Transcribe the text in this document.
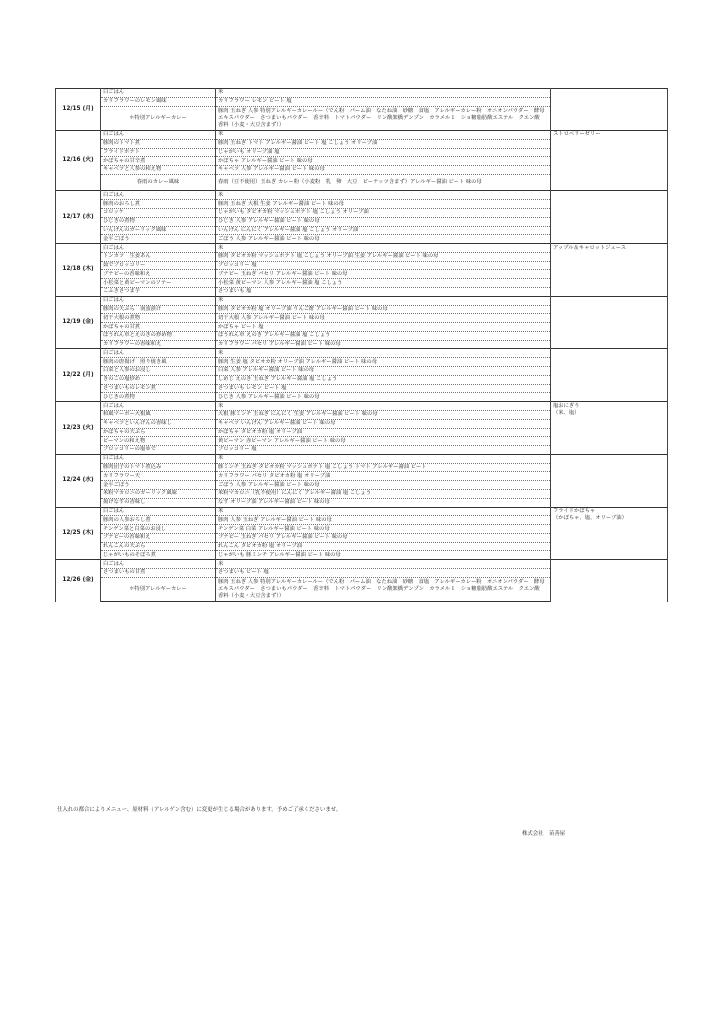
12/15 (月)	白ごはん	米	
	カリフラワーのレモン風味	カリフラワー レモン ビート 塩	
	＊特別アレルギーカレー	豚肉 玉ねぎ 人参 特別アレルギーカレールー（でん粉　パーム油　なたね油　砂糖　食塩　アレルギーカレー粉　オニオンパウダー　酵母エキスパウダー　さつまいもパウダー　香辛料　トマトパウダー　リン酸架橋デンプン　カラメル１　ショ糖脂肪酸エステル　クエン酸　香料（小麦・大豆含まず））	
12/16 (火)	白ごはん	米	ストロベリーゼリー
	豚肉のトマト煮	豚肉 玉ねぎ トマト アレルギー醤油 ビート 塩 こしょう オリーブ油	
	フライドポテト	じゃがいも オリーブ油 塩	
	かぼちゃの甘辛煮	かぼちゃ アレルギー醤油 ビート 味の母	
	キャベツと人参の和え物	キャベツ 人参 アレルギー醤油 ビート 味の母	
	春雨のカレー風味	春雨（豆不使用）玉ねぎ カレー粉（小麦粉　乳　卵　大豆　ピーナッツ含まず）アレルギー醤油 ビート 味の母	
12/17 (水)	白ごはん	米	
	豚肉のおろし煮	豚肉 玉ねぎ 大根 生姜 アレルギー醤油 ビート 味の母	
	コロッケ	じゃがいも タピオカ粉 マッシュポテト 塩 こしょう オリーブ油	
	ひじきの煮物	ひじき 人参 アレルギー醤油 ビート 味の母	
	いんげんのガーリック風味	いんげん にんにく アレルギー醤油 塩 こしょう オリーブ油	
	金平ごぼう	ごぼう 人参 アレルギー醤油 ビート 味の母	
12/18 (木)	白ごはん	米	アップル＆キャロットジュース
	トンカツ　生姜あん	豚肉 タピオカ粉 マッシュポテト 塩 こしょう オリーブ油 生姜 アレルギー醤油 ビート 味の母	
	茹でブロッコリー	ブロッコリー 塩	
	ブナピーの香味和え	ブナピー 玉ねぎ パセリ アレルギー醤油 ビート 味の母	
	小松菜と黄ピーマンのソテー	小松菜 黄ピーマン 人参 アレルギー醤油 塩 こしょう	
	こふきさつま芋	さつまいも 塩	
12/19 (金)	白ごはん	米	
	豚肉の天ぷら　南蛮漬け	豚肉 タピオカ粉 塩 オリーブ油 りんご酢 アレルギー醤油 ビート 味の母	
	切干大根の煮物	切干大根 人参 アレルギー醤油 ビート 味の母	
	かぼちゃの甘煮	かぼちゃ ビート 塩	
	ほうれん草とえのきの炒め物	ほうれん草 えのき アレルギー醤油 塩 こしょう	
	カリフラワーの香味和え	カリフラワー パセリ アレルギー醤油 ビート 味の母	
12/22 (月)	白ごはん	米	
	豚肉の唐揚げ　照り焼き風	豚肉 生姜 塩 タピオカ粉 オリーブ油 アレルギー醤油 ビート 味の母	
	白菜と人参のお浸し	白菜 人参 アレルギー醤油 ビート 味の母	
	きのこの塩炒め	しめじ えのき 玉ねぎ アレルギー醤油 塩 こしょう	
	さつまいものレモン煮	さつまいも レモン ビート 塩	
	ひじきの煮物	ひじき 人参 アレルギー醤油 ビート 味の母	
12/23 (火)	白ごはん	米	塩おにぎり
（米、塩）
	和風マーボー大根風	大根 豚ミンチ 玉ねぎ にんにく 生姜 アレルギー醤油 ビート 味の母	
	キャベツといんげんの香味し	キャベツ いんげん アレルギー醤油 ビート 味の母	
	かぼちゃの天ぷら	かぼちゃ タピオカ粉 塩 オリーブ油	
	ピーマンの和え物	黄ピーマン 赤ピーマン アレルギー醤油 ビート 味の母	
	ブロッコリーの塩ゆで	ブロッコリー 塩	
12/24 (水)	白ごはん	米	
	豚肉団子のトマト煮込み	豚ミンチ 玉ねぎ タピオカ粉 マッシュポテト 塩 こしょう トマト アレルギー醤油 ビート	
	カリフラワー天	カリフラワー パセリ タピオカ粉 塩 オリーブ油	
	金平ごぼう	ごぼう 人参 アレルギー醤油 ビート 味の母	
	米粉マカロニのガーリック風味	米粉マカロニ（乳不使用）にんにく アレルギー醤油 塩 こしょう	
	揚げなすの香味し	なす オリーブ油 アレルギー醤油 ビート 味の母	
12/25 (木)	白ごはん	米	フライドかぼちゃ
（かぼちゃ、塩、オリーブ油）
	豚肉の人参おろし煮	豚肉 人参 玉ねぎ アレルギー醤油 ビート 味の母	
	チンゲン菜と白菜のお浸し	チンゲン菜 白菜 アレルギー醤油 ビート 味の母	
	ブナピーの香味和え	ブナピー 玉ねぎ パセリ アレルギー醤油 ビート 味の母	
	れんこんの天ぷら	れんこん タピオカ粉 塩 オリーブ油	
	じゃがいものそぼろ煮	じゃがいも 豚ミンチ アレルギー醤油 ビート 味の母	
12/26 (金)	白ごはん	米	
	さつまいもの甘煮	さつまいも ビート 塩	
	＊特別アレルギーカレー	豚肉 玉ねぎ 人参 特別アレルギーカレールー（でん粉　パーム油　なたね油　砂糖　食塩　アレルギーカレー粉　オニオンパウダー　酵母エキスパウダー　さつまいもパウダー　香辛料　トマトパウダー　リン酸架橋デンプン　カラメル１　ショ糖脂肪酸エステル　クエン酸　香料（小麦・大豆含まず））	
仕入れの都合によりメニュー、原材料（アレルゲン含む）に変更が生じる場合があります。予めご了承くださいませ。
株式会社　苗善屋
